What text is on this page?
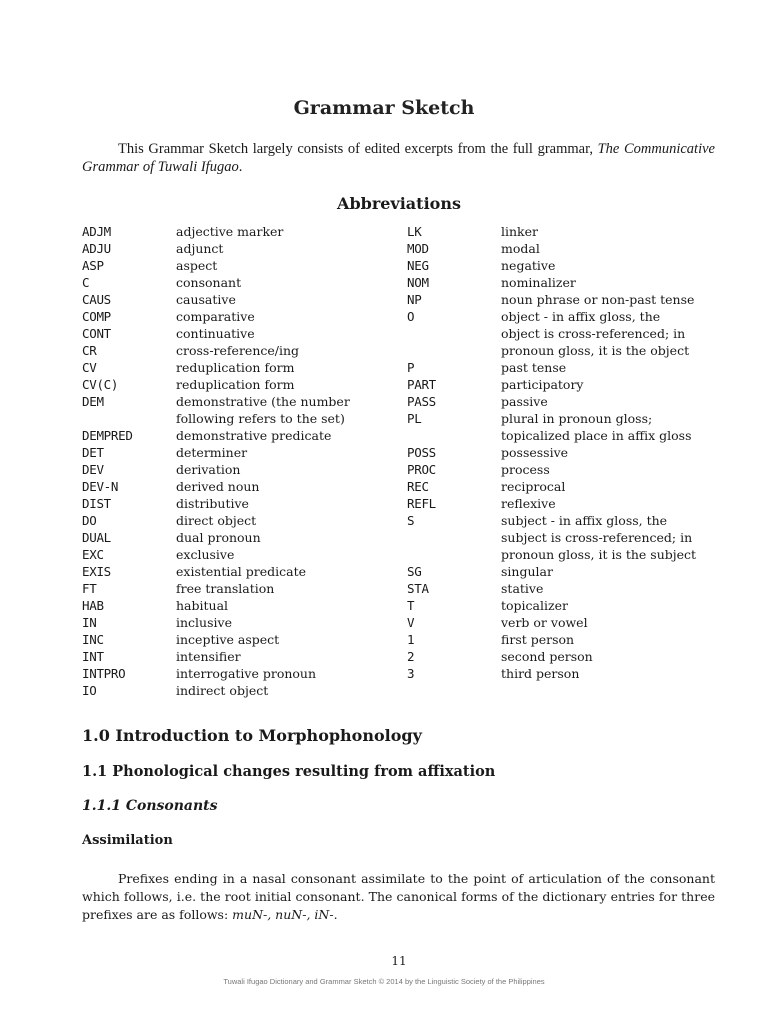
Grammar Sketch
This Grammar Sketch largely consists of edited excerpts from the full grammar, The Communicative Grammar of Tuwali Ifugao.
Abbreviations
ADJM	adjective marker
ADJU	adjunct
ASP	aspect
C	consonant
CAUS	causative
COMP	comparative
CONT	continuative
CR	cross-reference/ing
CV	reduplication form
CV(C)	reduplication form
DEM	demonstrative (the number
following refers to the set)
DEMPRED	demonstrative predicate
DET	determiner
DEV	derivation
DEV-N	derived noun
DIST	distributive
DO	direct object
DUAL	dual pronoun
EXC	exclusive
EXIS	existential predicate
FT	free translation
HAB	habitual
IN	inclusive
INC	inceptive aspect
INT	intensifier
INTPRO	interrogative pronoun
IO	indirect object
LK	linker
MOD	modal
NEG	negative
NOM	nominalizer
NP	noun phrase or non-past tense
O	object - in affix gloss, the
object is cross-referenced; in
pronoun gloss, it is the object
P	past tense
PART	participatory
PASS	passive
PL	plural in pronoun gloss;
topicalized place in affix gloss
POSS	possessive
PROC	process
REC	reciprocal
REFL	reflexive
S	subject - in affix gloss, the
subject is cross-referenced; in
pronoun gloss, it is the subject
SG	singular
STA	stative
T	topicalizer
V	verb or vowel
1	first person
2	second person
3	third person
1.0 Introduction to Morphophonology
1.1 Phonological changes resulting from affixation
1.1.1 Consonants
Assimilation
Prefixes ending in a nasal consonant assimilate to the point of articulation of the consonant which follows, i.e. the root initial consonant. The canonical forms of the dictionary entries for three prefixes are as follows: muN-, nuN-, iN-.
11
Tuwali Ifugao Dictionary and Grammar Sketch © 2014 by the Linguistic Society of the Philippines
